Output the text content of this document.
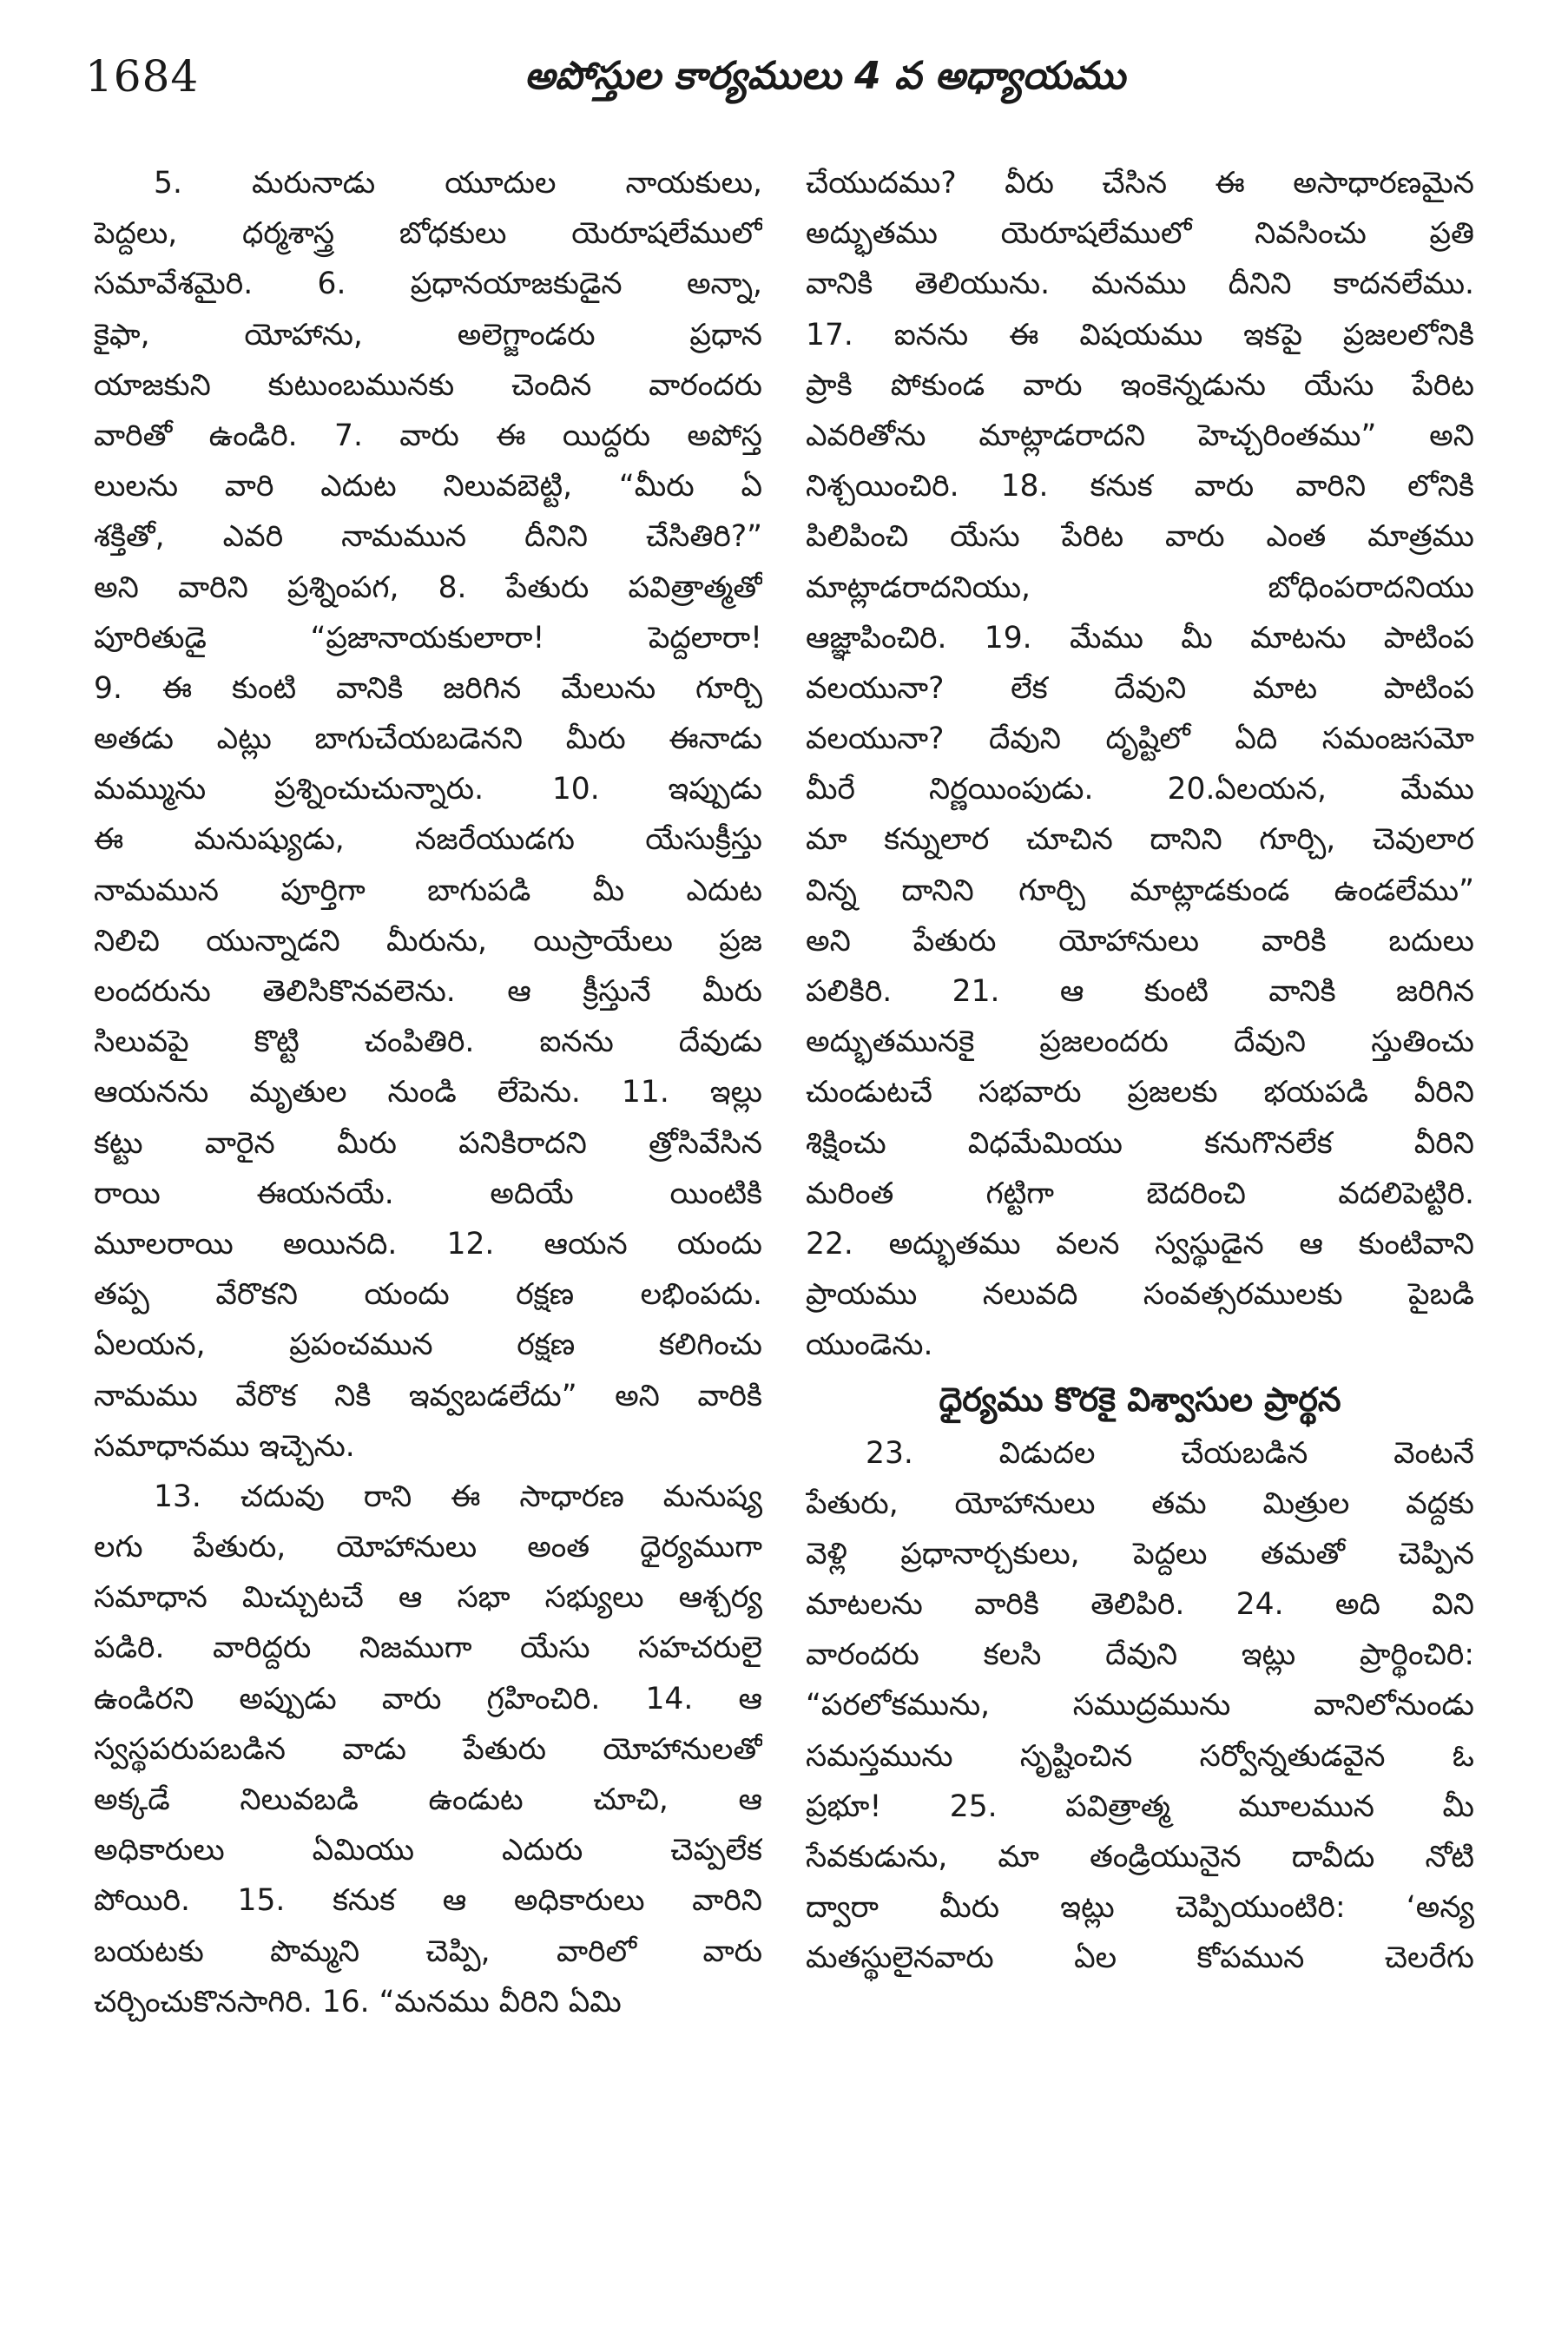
1684	అపోస్తుల కార్యములు 4 వ అధ్యాయము
  5. మరునాడు యూదుల నాయకులు,
పెద్దలు, ధర్మశాస్త్ర బోధకులు యెరూషలేములో
సమావేశమైరి. 6. ప్రధానయాజకుడైన అన్నా,
కైఫా, యోహాను, అలెగ్జాండరు ప్రధాన
యాజకుని కుటుంబమునకు చెందిన వారందరు
వారితో ఉండిరి. 7. వారు ఈ యిద్దరు అపోస్త
లులను వారి ఎదుట నిలువబెట్టి, “మీరు ఏ
శక్తితో, ఎవరి నామమున దీనిని చేసితిరి?”
అని వారిని ప్రశ్నింపగ, 8. పేతురు పవిత్రాత్మతో
పూరితుడై “ప్రజానాయకులారా! పెద్దలారా!
9. ఈ కుంటి వానికి జరిగిన మేలును గూర్చి
అతడు ఎట్లు బాగుచేయబడెనని మీరు ఈనాడు
మమ్మును ప్రశ్నించుచున్నారు. 10. ఇప్పుడు
ఈ మనుష్యుడు, నజరేయుడగు యేసుక్రీస్తు
నామమున పూర్తిగా బాగుపడి మీ ఎదుట
నిలిచి యున్నాడని మీరును, యిస్రాయేలు ప్రజ
లందరును తెలిసికొనవలెను. ఆ క్రీస్తునే మీరు
సిలువపై కొట్టి చంపితిరి. ఐనను దేవుడు
ఆయనను మృతుల నుండి లేపెను. 11. ఇల్లు
కట్టు వారైన మీరు పనికిరాదని త్రోసివేసిన
రాయి ఈయనయే. అదియే యింటికి
మూలరాయి అయినది. 12. ఆయన యందు
తప్ప వేరొకని యందు రక్షణ లభింపదు.
ఏలయన, ప్రపంచమున రక్షణ కలిగించు
నామము వేరొక నికి ఇవ్వబడలేదు” అని వారికి
సమాధానము ఇచ్చెను.
  13. చదువు రాని ఈ సాధారణ మనుష్య
లగు పేతురు, యోహానులు అంత ధైర్యముగా
సమాధాన మిచ్చుటచే ఆ సభా సభ్యులు ఆశ్చర్య
పడిరి. వారిద్దరు నిజముగా యేసు సహచరులై
ఉండిరని అప్పుడు వారు గ్రహించిరి. 14. ఆ
స్వస్థపరుపబడిన వాడు పేతురు యోహానులతో
అక్కడే నిలువబడి ఉండుట చూచి, ఆ
అధికారులు ఏమియు ఎదురు చెప్పలేక
పోయిరి. 15. కనుక ఆ అధికారులు వారిని
బయటకు పొమ్మని చెప్పి, వారిలో వారు
చర్చించుకొనసాగిరి. 16. “మనము వీరిని ఏమి
చేయుదము? వీరు చేసిన ఈ అసాధారణమైన
అద్భుతము యెరూషలేములో నివసించు ప్రతి
వానికి తెలియును. మనము దీనిని కాదనలేము.
17. ఐనను ఈ విషయము ఇకపై ప్రజలలోనికి
ప్రాకి పోకుండ వారు ఇంకెన్నడును యేసు పేరిట
ఎవరితోను మాట్లాడరాదని హెచ్చరింతము” అని
నిశ్చయించిరి. 18. కనుక వారు వారిని లోనికి
పిలిపించి యేసు పేరిట వారు ఎంత మాత్రము
మాట్లాడరాదనియు, బోధింపరాదనియు
ఆజ్ఞాపించిరి. 19. మేము మీ మాటను పాటింప
వలయునా? లేక దేవుని మాట పాటింప
వలయునా? దేవుని దృష్టిలో ఏది సమంజసమో
మీరే నిర్ణయింపుడు. 20.ఏలయన, మేము
మా కన్నులార చూచిన దానిని గూర్చి, చెవులార
విన్న దానిని గూర్చి మాట్లాడకుండ ఉండలేము”
అని పేతురు యోహానులు వారికి బదులు
పలికిరి. 21. ఆ కుంటి వానికి జరిగిన
అద్భుతమునకై ప్రజలందరు దేవుని స్తుతించు
చుండుటచే సభవారు ప్రజలకు భయపడి వీరిని
శిక్షించు విధమేమియు కనుగొనలేక వీరిని
మరింత గట్టిగా బెదరించి వదలిపెట్టిరి.
22. అద్భుతము వలన స్వస్థుడైన ఆ కుంటివాని
ప్రాయము నలువది సంవత్సరములకు పైబడి
యుండెను.
ధైర్యము కొరకై విశ్వాసుల ప్రార్థన
  23. విడుదల చేయబడిన వెంటనే
పేతురు, యోహానులు తమ మిత్రుల వద్దకు
వెళ్లి ప్రధానార్చకులు, పెద్దలు తమతో చెప్పిన
మాటలను వారికి తెలిపిరి. 24. అది విని
వారందరు కలసి దేవుని ఇట్లు ప్రార్థించిరి:
“పరలోకమును, సముద్రమును వానిలోనుండు
సమస్తమును సృష్టించిన సర్వోన్నతుడవైన ఓ
ప్రభూ! 25. పవిత్రాత్మ మూలమున మీ
సేవకుడును, మా తండ్రియునైన దావీదు నోటి
ద్వారా మీరు ఇట్లు చెప్పియుంటిరి: ‘అన్య
మతస్థులైనవారు ఏల కోపమున చెలరేగు
